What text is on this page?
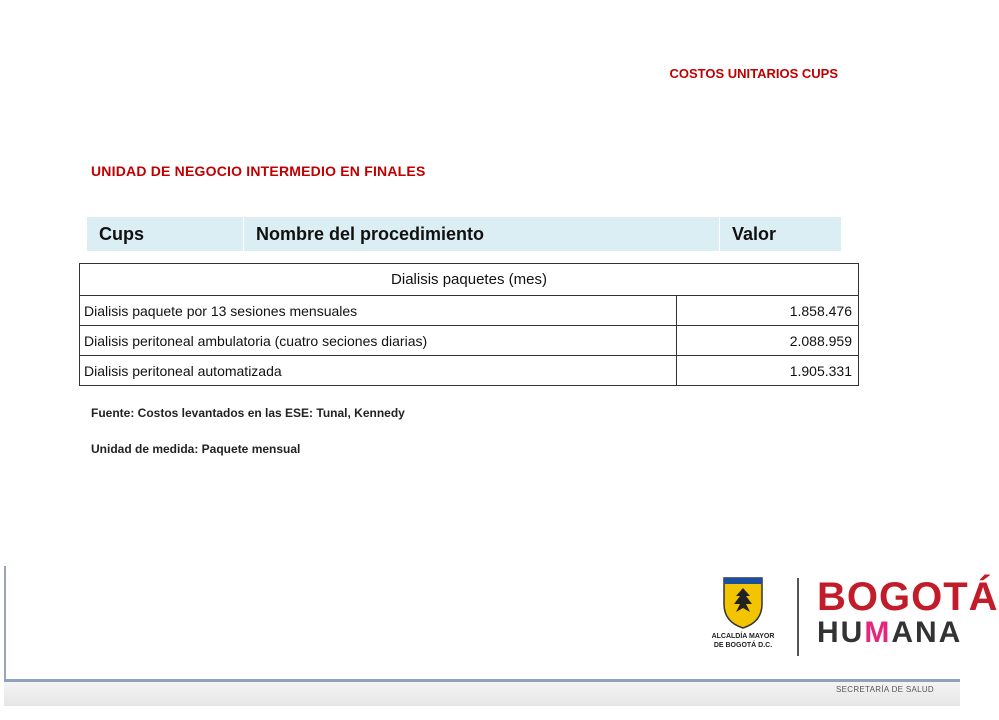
COSTOS UNITARIOS CUPS
UNIDAD DE NEGOCIO INTERMEDIO EN FINALES
Cups	Nombre del procedimiento	Valor
Dialisis paquetes (mes)	
Dialisis paquete por 13 sesiones mensuales	1.858.476
Dialisis peritoneal ambulatoria (cuatro seciones diarias)	2.088.959
Dialisis peritoneal automatizada	1.905.331
Fuente: Costos levantados en las ESE: Tunal, Kennedy
Unidad de medida: Paquete mensual
ALCALDÍA MAYOR
DE BOGOTÁ D.C.
BOGOTÁ
HUMANA
SECRETARÍA DE SALUD
